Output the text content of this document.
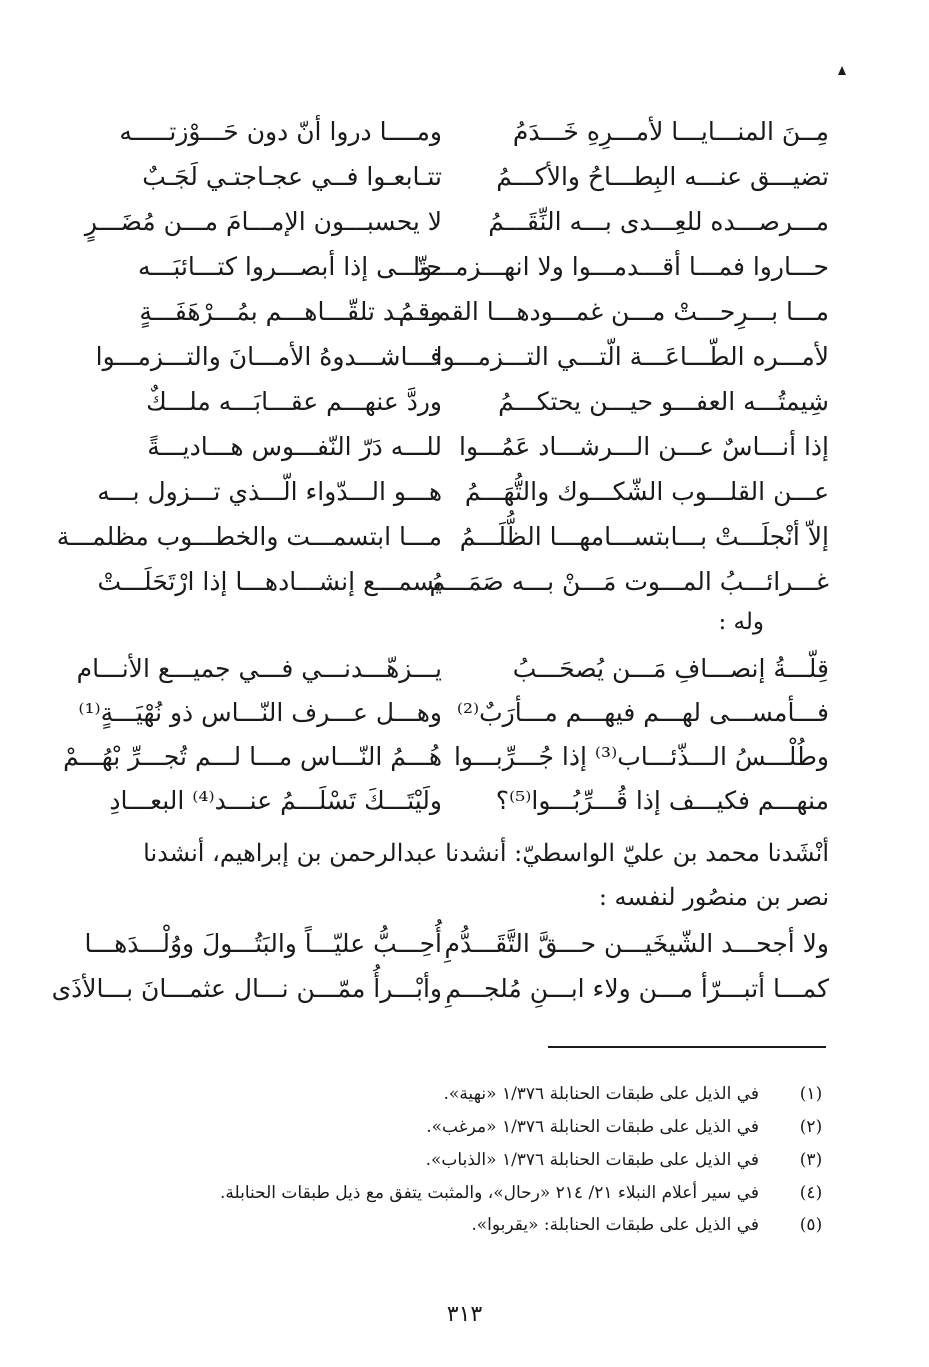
ومــــا دروا أنّ دون حَـــوْزتـــــه	مِــنَ المنـــايـــا لأمـــرِهِ خَـــدَمُ
تتـابعـوا فــي عجـاجتـي لَجَـبٌ تضيـــق عنـــه البِطـــاحُ والأكـــمُ
لا يحسبـــون الإمـــامَ مـــن مُضَـــرٍ مـــرصـــده للعِـــدى بـــه النِّقَـــمُ
حتّـــى إذا أبصـــروا كتـــائبَـــه
حـــاروا فمـــا أقـــدمـــوا ولا انهـــزمـــوا
وقـــد تلقّـــاهـــم بمُـــرْهَفَـــةٍ
مـــا بـــرِحـــتْ مـــن غمـــودهـــا القمـــمُ
فـــاشـــدوهُ الأمـــانَ والتـــزمـــوا
لأمـــره الطّـــاعَـــة الّتـــي التـــزمـــوا
وردَّ عنهـــم عقـــابَـــه ملـــكٌ شِيمتُـــه العفـــو حيـــن يحتكـــمُ
للـــه دَرّ النّفـــوس هـــاديـــةً إذا أنـــاسٌ عـــن الـــرشـــاد عَمُـــوا
هـــو الـــدّواء الّـــذي تـــزول بـــه عـــن القلـــوب الشّكـــوك والتُّهَـــمُ
مـــا ابتسمـــت والخطـــوب مظلمـــة إلاّ أنْجلَـــتْ بـــابتســـامهـــا الظُّلَـــمُ
يسمـــع إنشـــادهـــا إذا ارْتَحَلَـــتْ
غـــرائـــبُ المـــوت مَـــنْ بـــه صَمَـــمُ
وله :
يـــزهّـــدنـــي فـــي جميـــع الأنـــام	قِلّـــةُ إنصـــافِ مَـــن يُصحَـــبُ
وهـــل عـــرف النّـــاس ذو نُهْيَـــةٍ⁽¹⁾ فـــأمســـى لهـــم فيهـــم مـــأرَبٌ⁽²⁾
هُـــمُ النّـــاس مـــا لـــم تُجـــرِّ بْهُـــمْ وطُلْـــسُ الـــذّئـــاب⁽³⁾ إذا جُـــرِّبـــوا
ولَيْتَـــكَ تَسْلَـــمُ عنـــد⁽⁴⁾ البعـــادِ منهـــم فكيـــف إذا قُـــرِّبُـــوا⁽⁵⁾؟

أنْشَدنا محمد بن عليّ الواسطيّ: أنشدنا عبدالرحمن بن إبراهيم، أنشدنا

نصر بن منصُور لنفسه :

أُحِـــبُّ عليّـــاً والبَتُـــولَ ووُلْـــدَهـــا ولا أجحـــد الشّيخَيـــن حـــقَّ التَّقَـــدُّمِ
وأبْـــرأُ ممّـــن نـــال عثمـــانَ بـــالأذَى كمـــا أتبـــرّأ مـــن ولاء ابـــنِ مُلجـــمِ
(١)
في الذيل على طبقات الحنابلة ١/٣٧٦ «نهية».
(٢)
في الذيل على طبقات الحنابلة ١/٣٧٦ «مرغب».
(٣)
في الذيل على طبقات الحنابلة ١/٣٧٦ «الذباب».
(٤)
في سير أعلام النبلاء ٢١/ ٢١٤ «رحال»، والمثبت يتفق مع ذيل طبقات الحنابلة.
(٥)
في الذيل على طبقات الحنابلة: «يقربوا».
٣١٣
